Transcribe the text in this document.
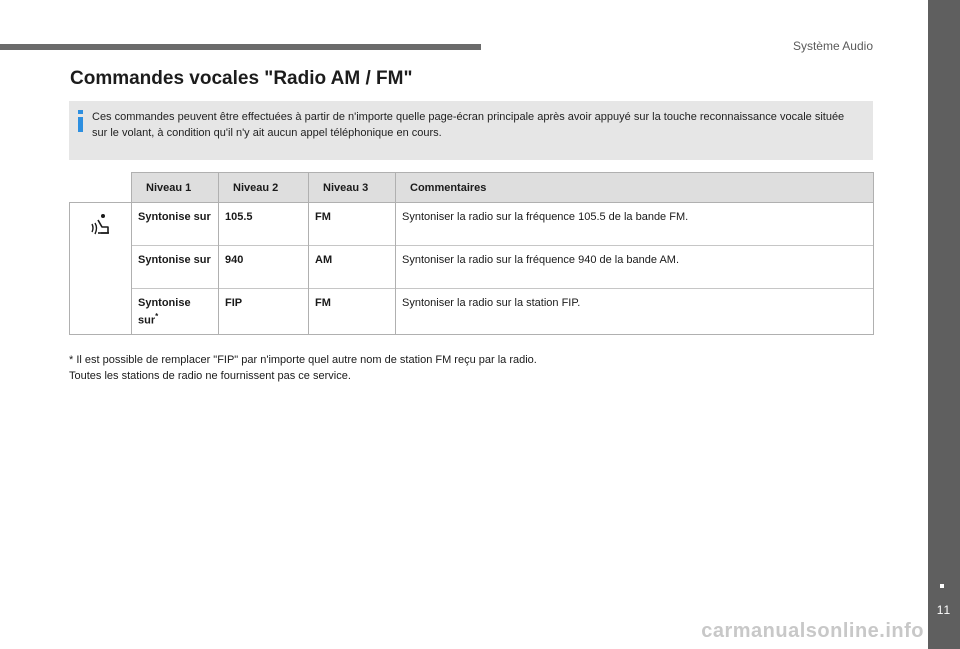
Système Audio
11
Commandes vocales "Radio AM / FM"
Ces commandes peuvent être effectuées à partir de n'importe quelle page-écran principale après avoir appuyé sur la touche reconnaissance vocale située sur le volant, à condition qu'il n'y ait aucun appel téléphonique en cours.
	Niveau 1	Niveau 2	Niveau 3	Commentaires
	Syntonise sur	105.5	FM	Syntoniser la radio sur la fréquence 105.5 de la bande FM.
	Syntonise sur	940	AM	Syntoniser la radio sur la fréquence 940 de la bande AM.
	Syntonise sur*	FIP	FM	Syntoniser la radio sur la station FIP.
* Il est possible de remplacer "FIP" par n'importe quel autre nom de station FM reçu par la radio.
Toutes les stations de radio ne fournissent pas ce service.
carmanualsonline.info
